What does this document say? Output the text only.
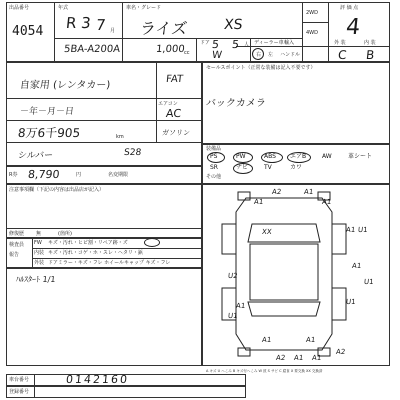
出品番号
4054
年式
R 3 7 月
車名・グレード
ライズ XS
2WD
4WD
評 価 点
4
5BA-A200A	1,000
cc
ドア 5 5 人
W
ディーラー車 輸入
右 左 ハンドル
外 装	内 装
C B
自家用 (レンタカー)
FAT
－年－月－日
エアコン
AC
8万6千905	km	ガソリン
シルバー	S28
セールスポイント（正常な装備は記入不要です）
バックカメラ
装備品
PS	PW	ABS エアB	AW	革シート
SR	ナビ	TV	カワ
その他
R券 8,790	円	名変期限
注意事項欄（下記の内容は出品店が記入）
修復歴 無	(箇所)
検査員
報告
FW キズ・汚れ・ヒビ割・リペア跡・ズ
内装 キズ・汚れ・コゲ・ホ・スレ・ヘタリ・鋲
外装 ドアミラー・キズ・フレ ホイールキャップ キズ・フレ
ﾊﾙｽﾀｰﾄ 1/1
A2	A1
A1
XX	A1 U1
U2
A1
U1
A1
U1
A2 A1 A1
U1
A1
A1
A2
A1
A キズ U へこみ B キズ付へこみ W 波 S サビ C 腐食 X 要交換 XX 交換済
車台番号	0142160
登録番号
